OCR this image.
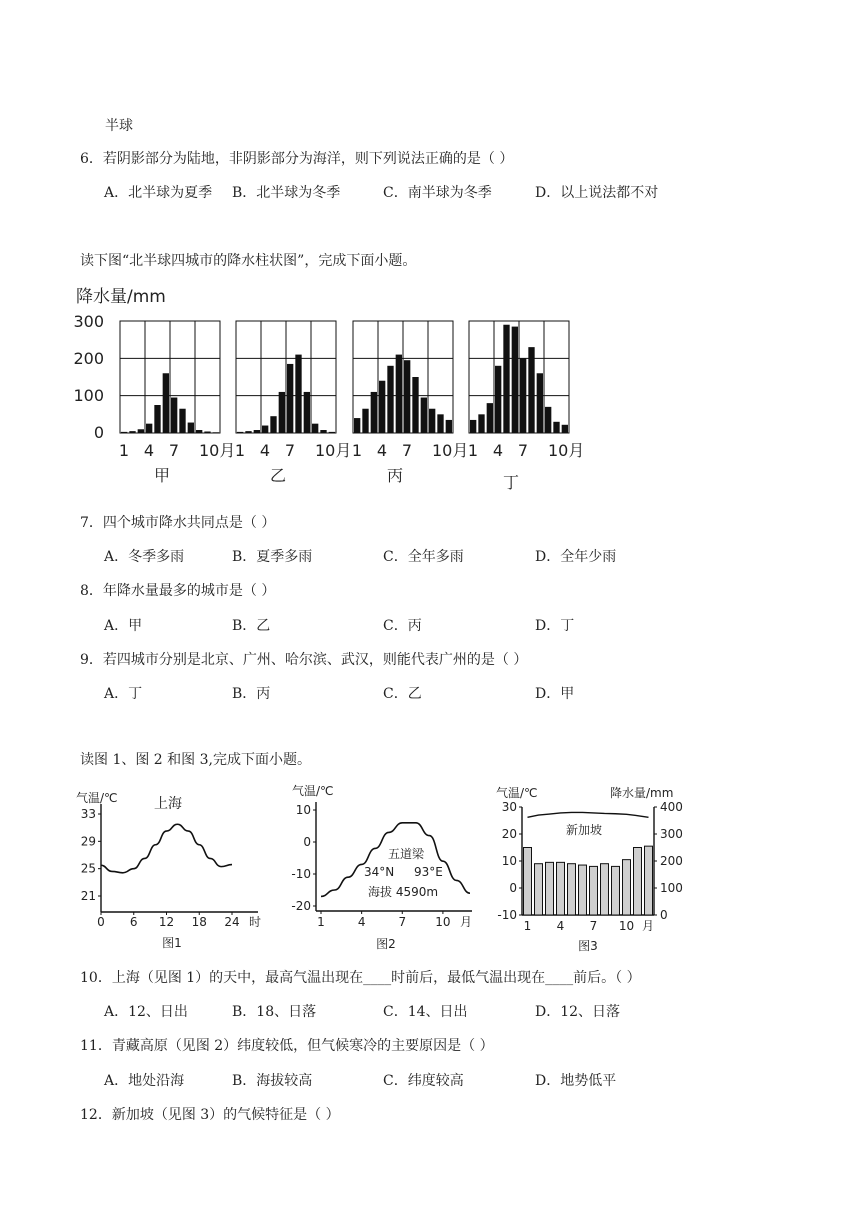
半球
6．若阴影部分为陆地，非阴影部分为海洋，则下列说法正确的是（ ）
A．北半球为夏季 B．北半球为冬季	C．南半球为冬季	D．以上说法都不对
读下图“北半球四城市的降水柱状图”，完成下面小题。
降水量/mm
300
200
100
0
1 4 7 10月
甲
1 4 7 10月
乙
1 4 7 10月
丙
1 4 7 10月
丁
7．四个城市降水共同点是（ ）
A．冬季多雨	B．夏季多雨	C．全年多雨	D．全年少雨
8．年降水量最多的城市是（ ）
A．甲	B．乙	C．丙	D．丁
9．若四城市分别是北京、广州、哈尔滨、武汉，则能代表广州的是（ ）
A．丁	B．丙	C．乙	D．甲
读图 1、图 2 和图 3,完成下面小题。
气温/℃	上海
33
29
25
21
0 6 12 18 24 时
图1
气温/℃
10
0
-10
-20
1	4	7 10 月
五道梁
34°N 93°E
海拔 4590m
图2
气温/℃	降水量/mm
30
20
10
0
-10
400
300
200
100
0
新加坡
1 4 7 10 月
图3
10．上海（见图 1）的天中，最高气温出现在____时前后，最低气温出现在____前后。（ ）
A．12、日出	B．18、日落	C．14、日出	D．12、日落
11．青藏高原（见图 2）纬度较低，但气候寒冷的主要原因是（ ）
A．地处沿海	B．海拔较高	C．纬度较高	D．地势低平
12．新加坡（见图 3）的气候特征是（ ）
